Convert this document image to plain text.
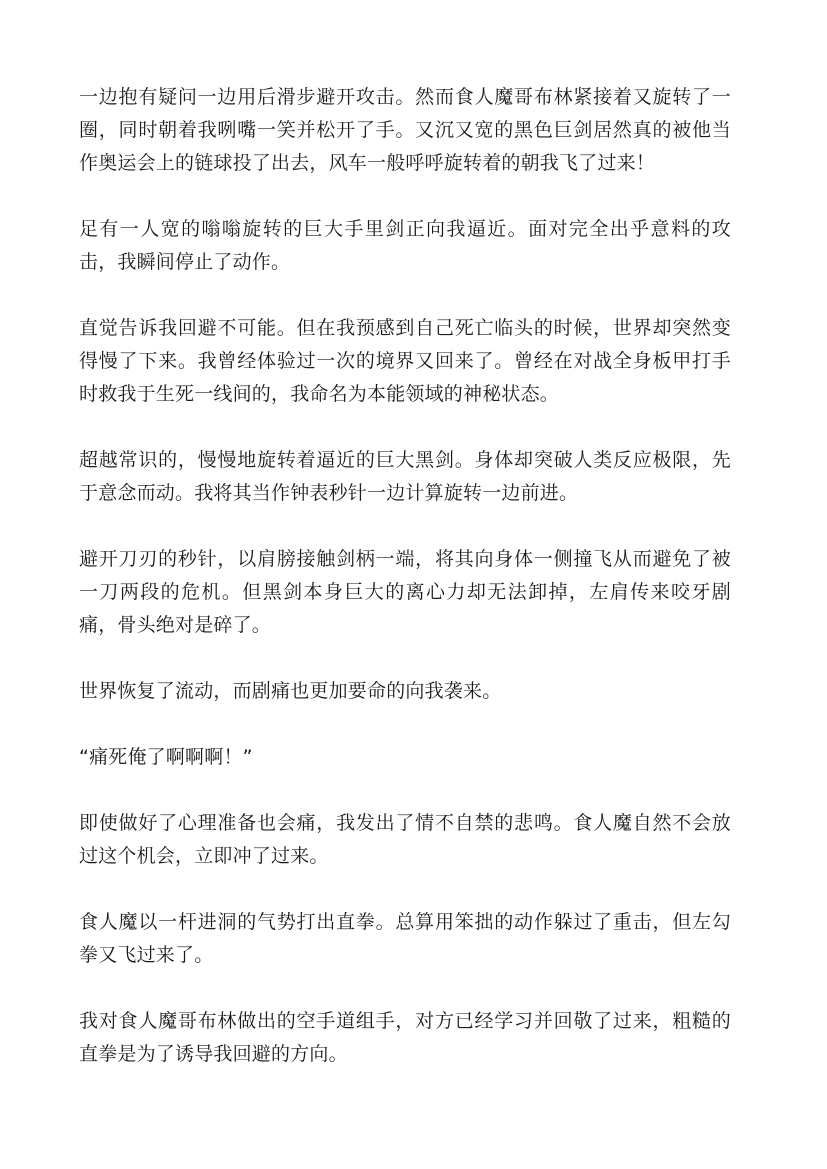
一边抱有疑问一边用后滑步避开攻击。然而食人魔哥布林紧接着又旋转了一圈，同时朝着我咧嘴一笑并松开了手。又沉又宽的黑色巨剑居然真的被他当作奥运会上的链球投了出去，风车一般呼呼旋转着的朝我飞了过来！

足有一人宽的嗡嗡旋转的巨大手里剑正向我逼近。面对完全出乎意料的攻击，我瞬间停止了动作。

直觉告诉我回避不可能。但在我预感到自己死亡临头的时候，世界却突然变得慢了下来。我曾经体验过一次的境界又回来了。曾经在对战全身板甲打手时救我于生死一线间的，我命名为本能领域的神秘状态。

超越常识的，慢慢地旋转着逼近的巨大黑剑。身体却突破人类反应极限，先于意念而动。我将其当作钟表秒针一边计算旋转一边前进。

避开刀刃的秒针，以肩膀接触剑柄一端，将其向身体一侧撞飞从而避免了被一刀两段的危机。但黑剑本身巨大的离心力却无法卸掉，左肩传来咬牙剧痛，骨头绝对是碎了。

世界恢复了流动，而剧痛也更加要命的向我袭来。

“痛死俺了啊啊啊！”

即使做好了心理准备也会痛，我发出了情不自禁的悲鸣。食人魔自然不会放过这个机会，立即冲了过来。

食人魔以一杆进洞的气势打出直拳。总算用笨拙的动作躲过了重击，但左勾拳又飞过来了。

我对食人魔哥布林做出的空手道组手，对方已经学习并回敬了过来，粗糙的直拳是为了诱导我回避的方向。
